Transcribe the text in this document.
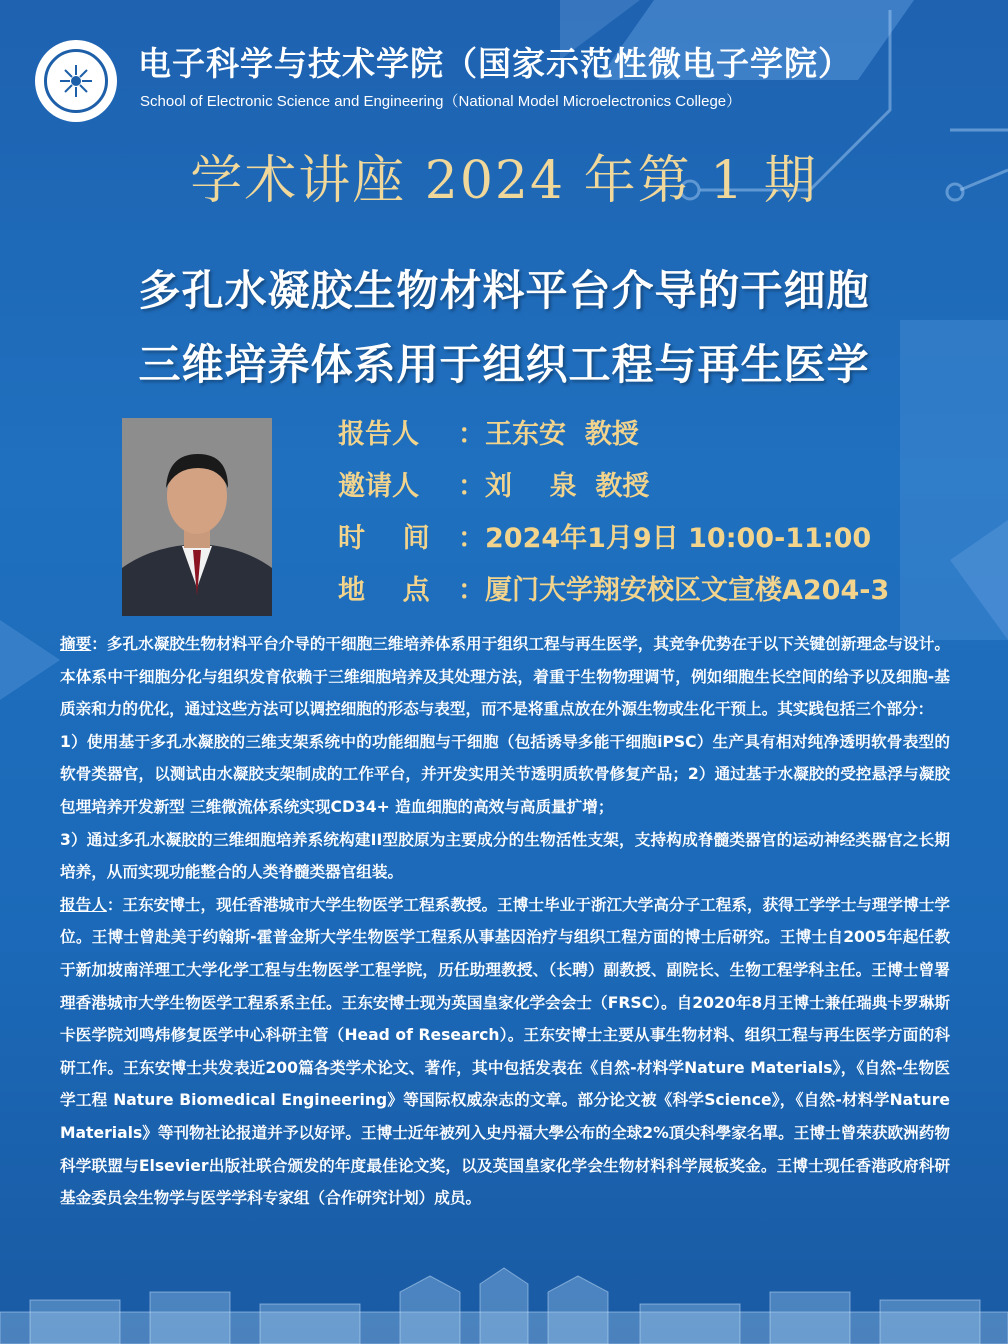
电子科学与技术学院（国家示范性微电子学院）
School of Electronic Science and Engineering（National Model Microelectronics College）
学术讲座 2024 年第 1 期
多孔水凝胶生物材料平台介导的干细胞
三维培养体系用于组织工程与再生医学
报告人 ：王东安  教授
邀请人 ：刘    泉  教授
时    间 ：2024年1月9日 10:00-11:00
地    点 ：厦门大学翔安校区文宣楼A204-3

摘要：多孔水凝胶生物材料平台介导的干细胞三维培养体系用于组织工程与再生医学，其竞争优势在于以下关键创新理念与设计。本体系中干细胞分化与组织发育依赖于三维细胞培养及其处理方法，着重于生物物理调节，例如细胞生长空间的给予以及细胞-基质亲和力的优化，通过这些方法可以调控细胞的形态与表型，而不是将重点放在外源生物或生化干预上。其实践包括三个部分：

1）使用基于多孔水凝胶的三维支架系统中的功能细胞与干细胞（包括诱导多能干细胞iPSC）生产具有相对纯净透明软骨表型的软骨类器官，以测试由水凝胶支架制成的工作平台，并开发实用关节透明质软骨修复产品；2）通过基于水凝胶的受控悬浮与凝胶包埋培养开发新型 三维微流体系统实现CD34+ 造血细胞的高效与高质量扩增；

3）通过多孔水凝胶的三维细胞培养系统构建II型胶原为主要成分的生物活性支架，支持构成脊髓类器官的运动神经类器官之长期培养，从而实现功能整合的人类脊髓类器官组装。

报告人：王东安博士，现任香港城市大学生物医学工程系教授。王博士毕业于浙江大学高分子工程系，获得工学学士与理学博士学位。王博士曾赴美于约翰斯-霍普金斯大学生物医学工程系从事基因治疗与组织工程方面的博士后研究。王博士自2005年起任教于新加坡南洋理工大学化学工程与生物医学工程学院，历任助理教授、（长聘）副教授、副院长、生物工程学科主任。王博士曾署理香港城市大学生物医学工程系系主任。王东安博士现为英国皇家化学会会士（FRSC）。自2020年8月王博士兼任瑞典卡罗琳斯卡医学院刘鸣炜修复医学中心科研主管（Head of Research）。王东安博士主要从事生物材料、组织工程与再生医学方面的科研工作。王东安博士共发表近200篇各类学术论文、著作，其中包括发表在《自然-材料学Nature Materials》，《自然-生物医学工程 Nature Biomedical Engineering》等国际权威杂志的文章。部分论文被《科学Science》，《自然-材料学Nature Materials》等刊物社论报道并予以好评。王博士近年被列入史丹福大學公布的全球2%頂尖科學家名單。王博士曾荣获欧洲药物科学联盟与Elsevier出版社联合颁发的年度最佳论文奖，以及英国皇家化学会生物材料科学展板奖金。王博士现任香港政府科研基金委员会生物学与医学学科专家组（合作研究计划）成员。
